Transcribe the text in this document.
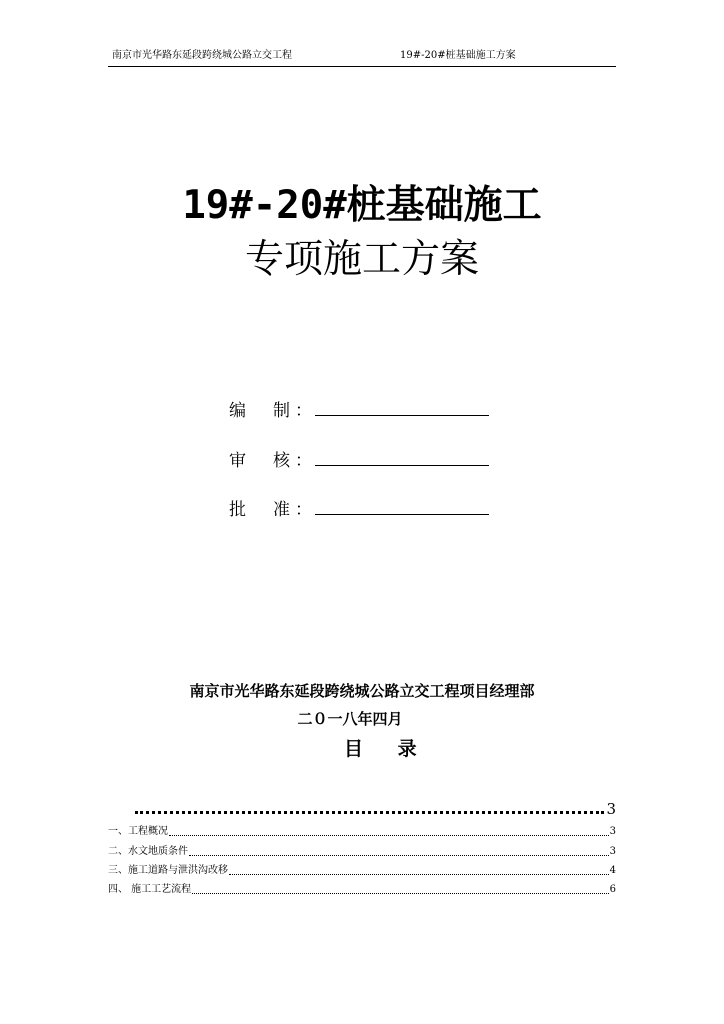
南京市光华路东延段跨绕城公路立交工程	19#-20#桩基础施工方案
19#-20#桩基础施工
专项施工方案
编 制 ：
审 核 ：
批 准 ：
南京市光华路东延段跨绕城公路立交工程项目经理部
二０一八年四月
目 录
3
一、工程概况	3
二、水文地质条件	3
三、施工道路与泄洪沟改移	4
四、 施工工艺流程	6
